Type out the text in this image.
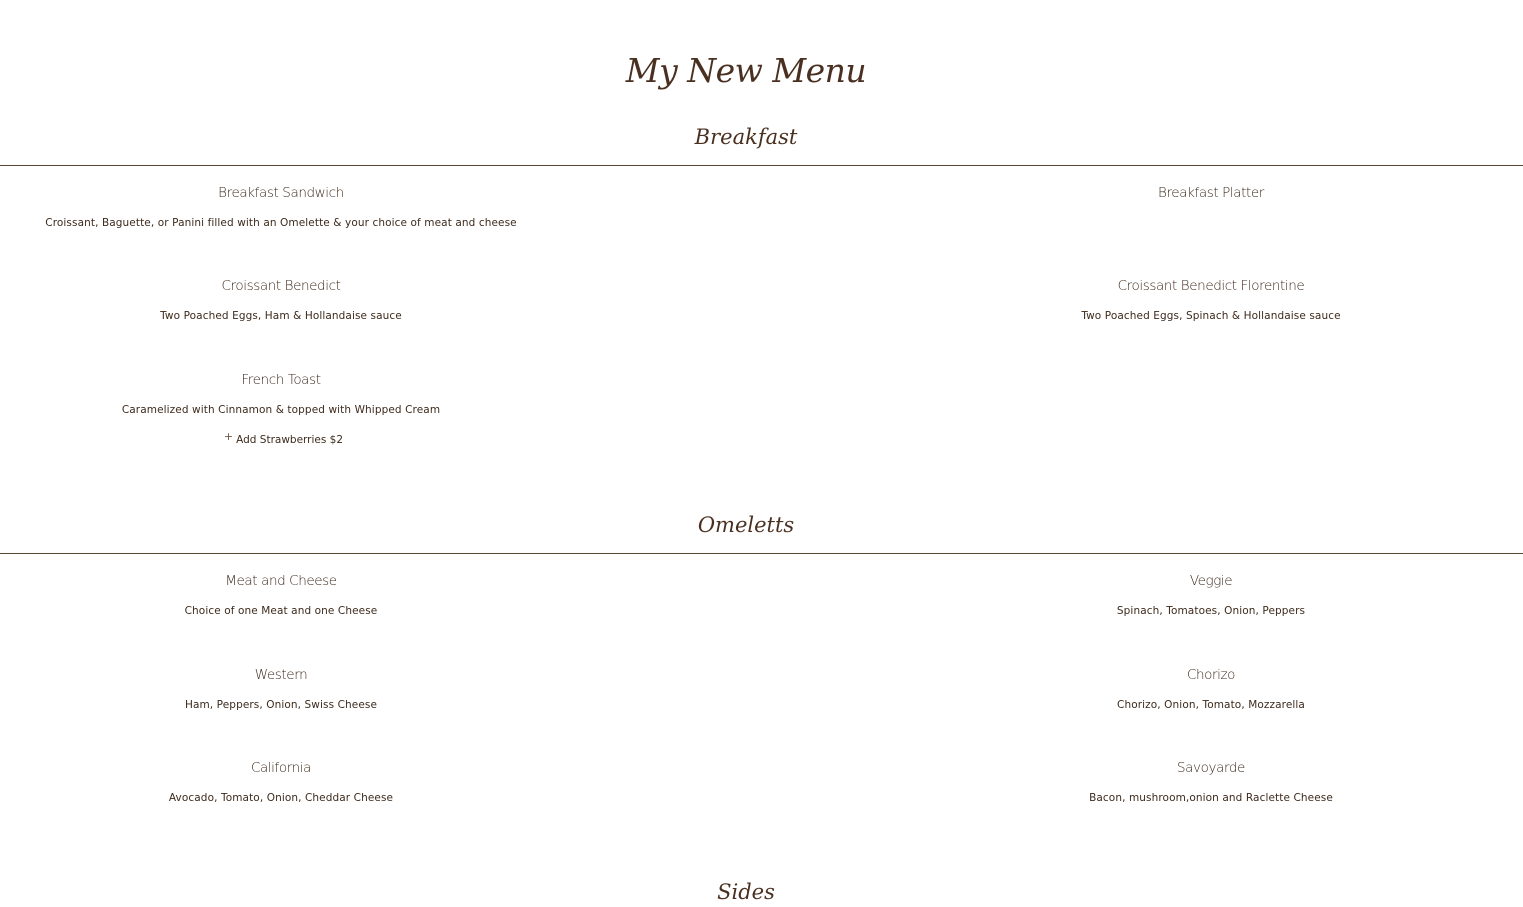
My New Menu
Breakfast
Breakfast Sandwich
Croissant, Baguette, or Panini filled with an Omelette & your choice of meat and cheese
Breakfast Platter
Croissant Benedict
Two Poached Eggs, Ham & Hollandaise sauce
Croissant Benedict Florentine
Two Poached Eggs, Spinach & Hollandaise sauce
French Toast
Caramelized with Cinnamon & topped with Whipped Cream
+ Add Strawberries $2
Omeletts
Meat and Cheese
Choice of one Meat and one Cheese
Veggie
Spinach, Tomatoes, Onion, Peppers
Western
Ham, Peppers, Onion, Swiss Cheese
Chorizo
Chorizo, Onion, Tomato, Mozzarella
California
Avocado, Tomato, Onion, Cheddar Cheese
Savoyarde
Bacon, mushroom,onion and Raclette Cheese
Sides
